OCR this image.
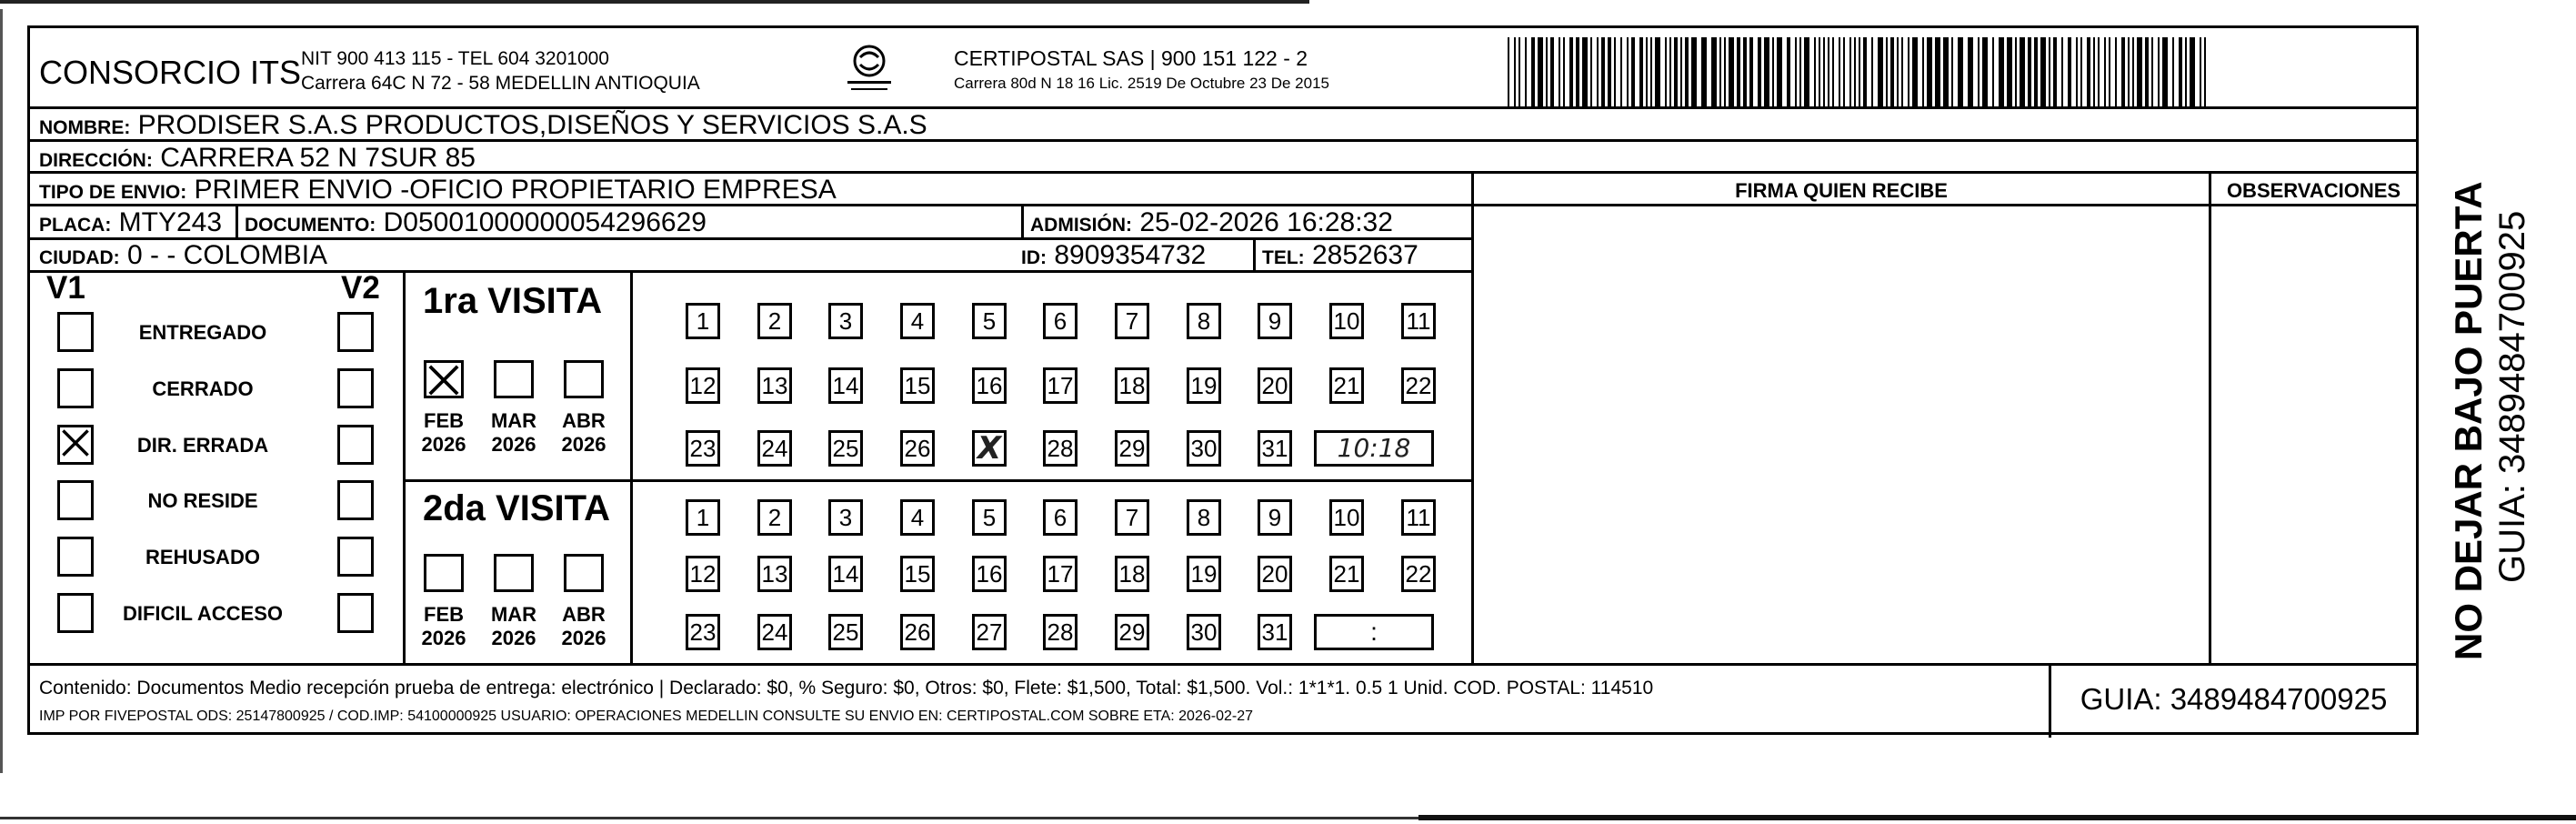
CONSORCIO ITS NIT 900 413 115 - TEL 604 3201000
Carrera 64C N 72 - 58 MEDELLIN ANTIOQUIA
CERTIPOSTAL SAS | 900 151 122 - 2
Carrera 80d N 18 16 Lic. 2519 De Octubre 23 De 2015
NOMBRE: PRODISER S.A.S PRODUCTOS,DISEÑOS Y SERVICIOS S.A.S
DIRECCIÓN: CARRERA 52 N 7SUR 85
TIPO DE ENVIO: PRIMER ENVIO -OFICIO PROPIETARIO EMPRESA	FIRMA QUIEN RECIBE	OBSERVACIONES
PLACA: MTY243 DOCUMENTO: D05001000000054296629	ADMISIÓN: 25-02-2026 16:28:32
CIUDAD: 0 - - COLOMBIA	ID: 8909354732	TEL: 2852637
V1	V2
ENTREGADO
CERRADO
DIR. ERRADA
NO RESIDE
REHUSADO
DIFICIL ACCESO
1ra VISITA
2da VISITA
FEB
2026
MAR
2026
ABR
2026
1	2	3	4	5	6	7	8	9	10 11
12 13 14 15 16 17 18 19 20 21 22
23 24 25 26 X 28 29 30 31	10:18
FEB
2026
MAR
2026
ABR
2026
1	2	3	4	5	6	7	8	9	10 11
12 13 14 15 16 17 18 19 20 21 22
23 24 25 26 27 28 29 30 31	:
Contenido: Documentos Medio recepción prueba de entrega: electrónico | Declarado: $0, % Seguro: $0, Otros: $0, Flete: $1,500, Total: $1,500. Vol.: 1*1*1. 0.5 1 Unid. COD. POSTAL: 114510
IMP POR FIVEPOSTAL ODS: 25147800925 / COD.IMP: 54100000925 USUARIO: OPERACIONES MEDELLIN CONSULTE SU ENVIO EN: CERTIPOSTAL.COM SOBRE ETA: 2026-02-27
GUIA: 3489484700925
NO DEJAR BAJO PUERTA GUIA: 3489484700925
